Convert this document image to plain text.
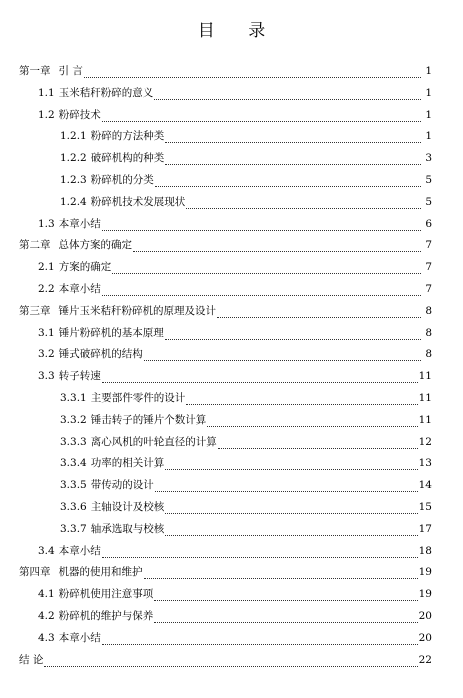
目 录
第一章 引 言	1
1.1 玉米秸秆粉碎的意义	1
1.2 粉碎技术	1
1.2.1 粉碎的方法种类	1
1.2.2 破碎机构的种类	3
1.2.3 粉碎机的分类	5
1.2.4 粉碎机技术发展现状	5
1.3 本章小结	6
第二章 总体方案的确定	7
2.1 方案的确定	7
2.2 本章小结	7
第三章 锤片玉米秸秆粉碎机的原理及设计	8
3.1 锤片粉碎机的基本原理	8
3.2 锤式破碎机的结构	8
3.3 转子转速	11
3.3.1 主要部件零件的设计	11
3.3.2 锤击转子的锤片个数计算	11
3.3.3 离心风机的叶轮直径的计算	12
3.3.4 功率的相关计算	13
3.3.5 带传动的设计	14
3.3.6 主轴设计及校核	15
3.3.7 轴承选取与校核	17
3.4 本章小结	18
第四章 机器的使用和维护	19
4.1 粉碎机使用注意事项	19
4.2 粉碎机的维护与保养	20
4.3 本章小结	20
结 论	22
